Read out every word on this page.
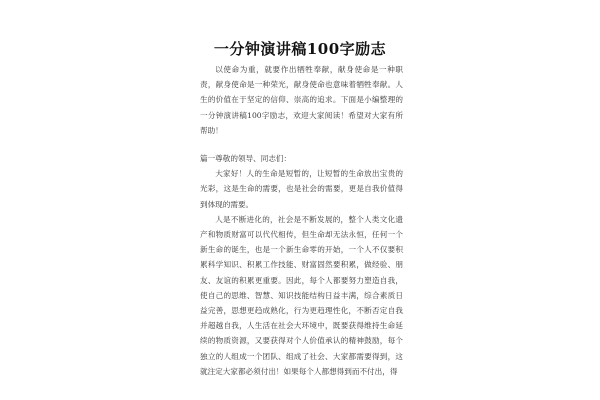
一分钟演讲稿100字励志

以使命为重，就要作出牺牲奉献，献身使命是一种职责，献身使命是一种荣光，献身使命也意味着牺牲奉献。人生的价值在于坚定的信仰、崇高的追求。下面是小编整理的一分钟演讲稿100字励志，欢迎大家阅读！希望对大家有所帮助！

篇一尊敬的领导、同志们：

大家好！人的生命是短暂的，让短暂的生命放出宝贵的光彩，这是生命的需要，也是社会的需要，更是自我价值得到体现的需要。

人是不断进化的，社会是不断发展的，整个人类文化遗产和物质财富可以代代相传，但生命却无法永恒，任何一个新生命的诞生，也是一个新生命零的开始，一个人不仅要积累科学知识、积累工作技能、财富固然要积累，做经验、朋友、友谊的积累更重要。因此，每个人都要努力塑造自我，使自己的思维、智慧、知识技能结构日益丰满，综合素质日益完善，思想更趋成熟化，行为更趋理性化，不断否定自我并超越自我，人生活在社会大环境中，既要获得维持生命延续的物质资源，又要获得对个人价值承认的精神鼓励，每个独立的人组成一个团队、组成了社会、大家都需要得到，这就注定大家都必须付出！如果每个人都想得到而不付出，得
